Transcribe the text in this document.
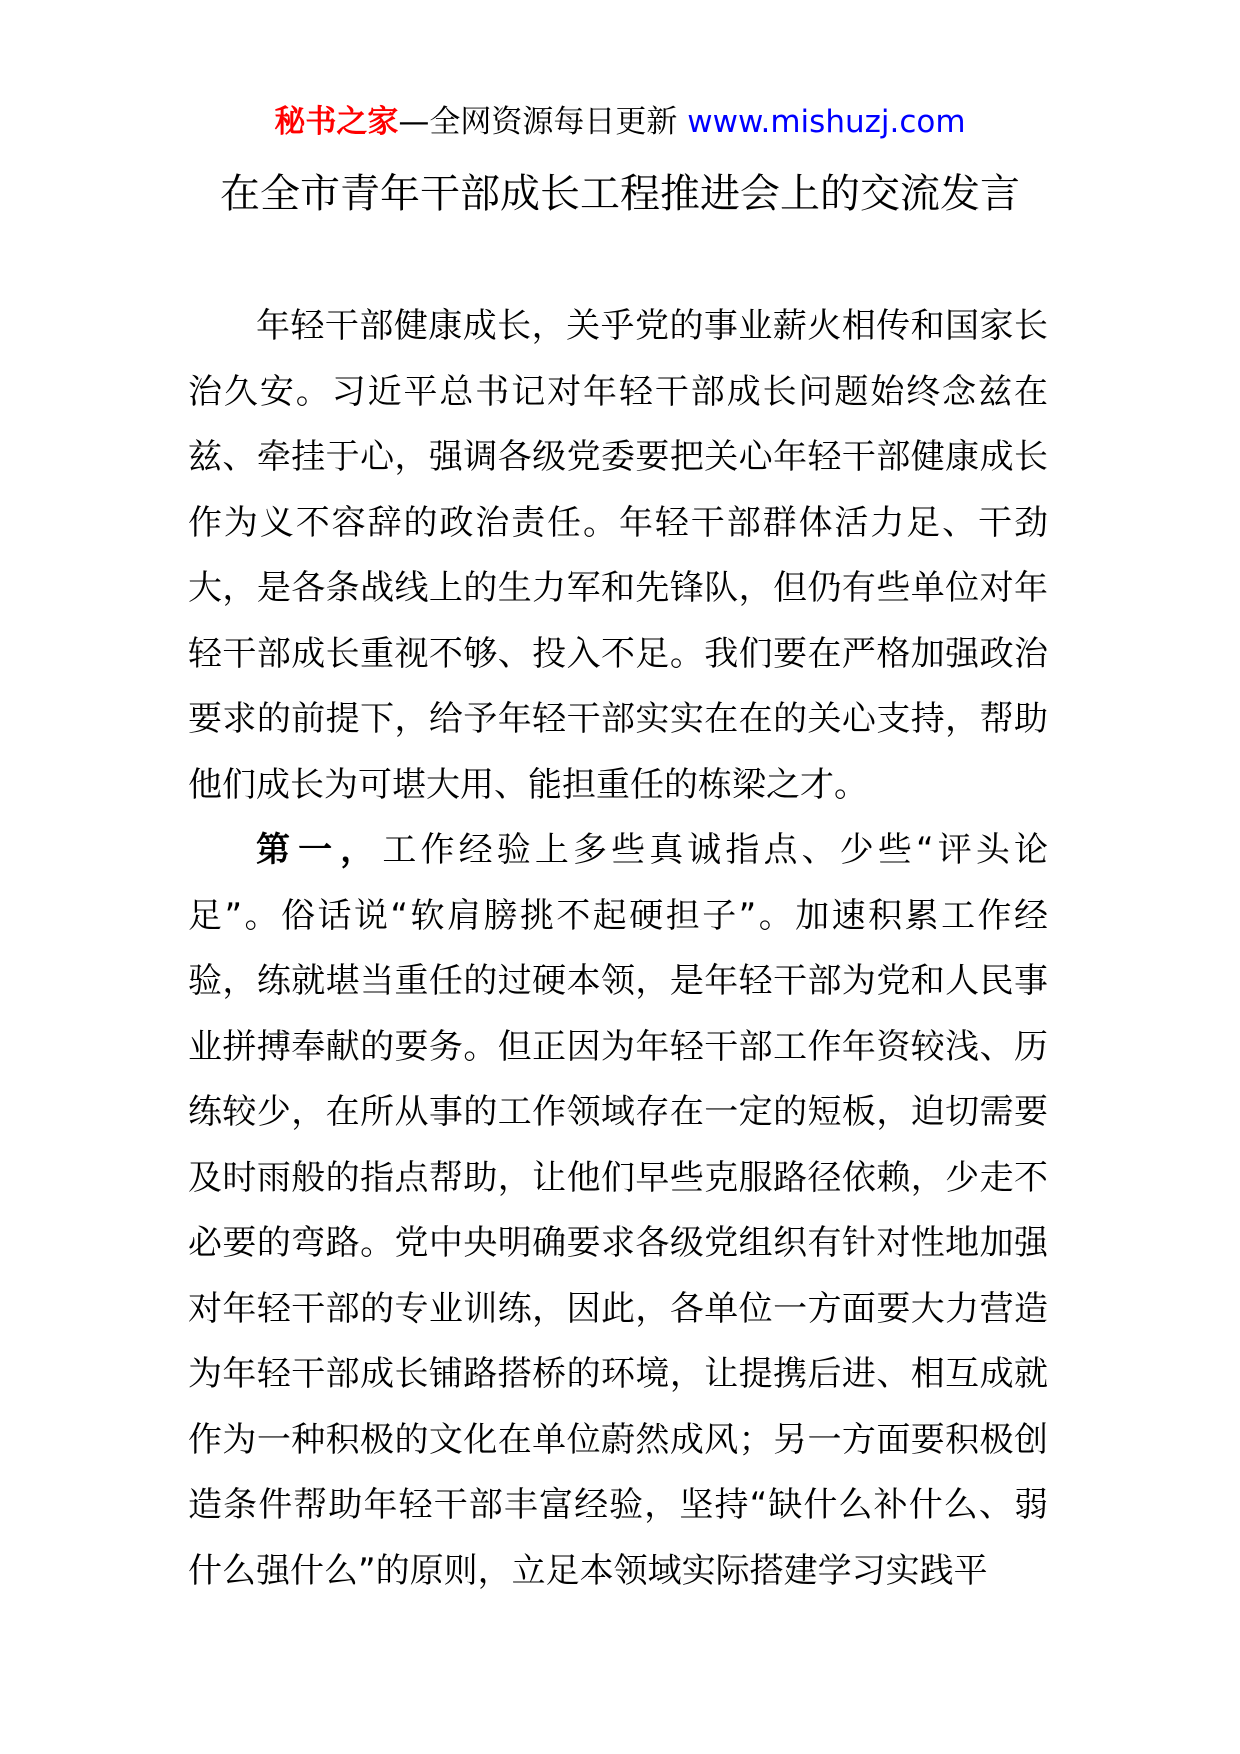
秘书之家—全网资源每日更新 www.mishuzj.com
在全市青年干部成长工程推进会上的交流发言

年轻干部健康成长，关乎党的事业薪火相传和国家长治久安。习近平总书记对年轻干部成长问题始终念兹在兹、牵挂于心，强调各级党委要把关心年轻干部健康成长作为义不容辞的政治责任。年轻干部群体活力足、干劲大，是各条战线上的生力军和先锋队，但仍有些单位对年轻干部成长重视不够、投入不足。我们要在严格加强政治要求的前提下，给予年轻干部实实在在的关心支持，帮助他们成长为可堪大用、能担重任的栋梁之才。

第一，工作经验上多些真诚指点、少些“评头论足”。俗话说“软肩膀挑不起硬担子”。加速积累工作经验，练就堪当重任的过硬本领，是年轻干部为党和人民事业拼搏奉献的要务。但正因为年轻干部工作年资较浅、历练较少，在所从事的工作领域存在一定的短板，迫切需要及时雨般的指点帮助，让他们早些克服路径依赖，少走不必要的弯路。党中央明确要求各级党组织有针对性地加强对年轻干部的专业训练，因此，各单位一方面要大力营造为年轻干部成长铺路搭桥的环境，让提携后进、相互成就作为一种积极的文化在单位蔚然成风；另一方面要积极创造条件帮助年轻干部丰富经验，坚持“缺什么补什么、弱什么强什么”的原则，立足本领域实际搭建学习实践平
